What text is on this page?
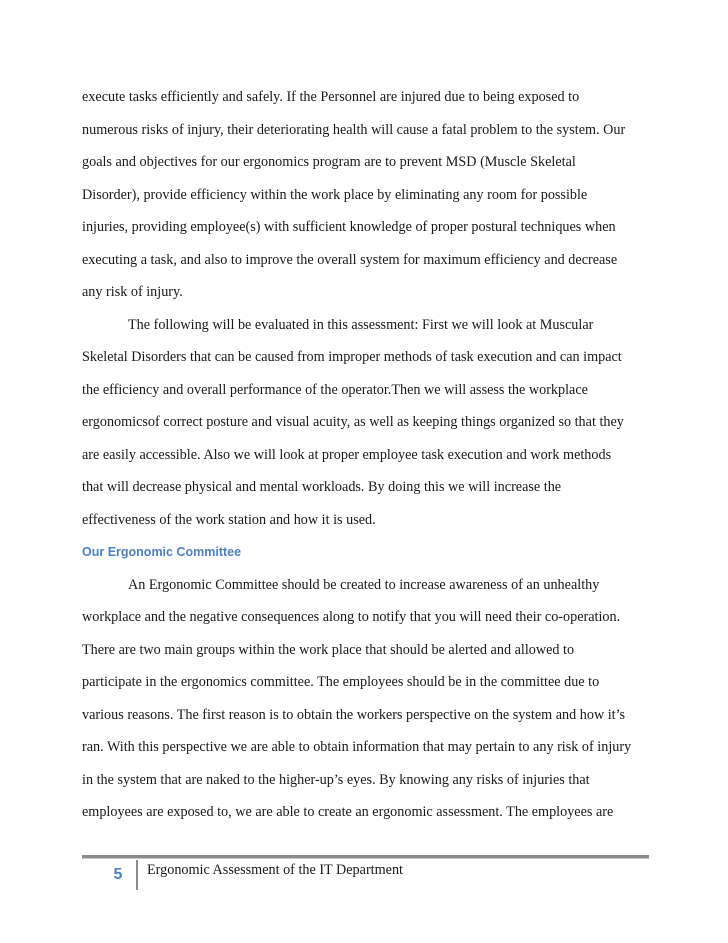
execute tasks efficiently and safely. If the Personnel are injured due to being exposed to
numerous risks of injury, their deteriorating health will cause a fatal problem to the system. Our
goals and objectives for our ergonomics program are to prevent MSD (Muscle Skeletal
Disorder), provide efficiency within the work place by eliminating any room for possible
injuries, providing employee(s) with sufficient knowledge of proper postural techniques when
executing a task, and also to improve the overall system for maximum efficiency and decrease
any risk of injury.
The following will be evaluated in this assessment: First we will look at Muscular
Skeletal Disorders that can be caused from improper methods of task execution and can impact
the efficiency and overall performance of the operator.Then we will assess the workplace
ergonomicsof correct posture and visual acuity, as well as keeping things organized so that they
are easily accessible. Also we will look at proper employee task execution and work methods
that will decrease physical and mental workloads. By doing this we will increase the
effectiveness of the work station and how it is used.
Our Ergonomic Committee
An Ergonomic Committee should be created to increase awareness of an unhealthy
workplace and the negative consequences along to notify that you will need their co-operation.
There are two main groups within the work place that should be alerted and allowed to
participate in the ergonomics committee. The employees should be in the committee due to
various reasons. The first reason is to obtain the workers perspective on the system and how it’s
ran. With this perspective we are able to obtain information that may pertain to any risk of injury
in the system that are naked to the higher-up’s eyes. By knowing any risks of injuries that
employees are exposed to, we are able to create an ergonomic assessment. The employees are
5	Ergonomic Assessment of the IT Department
